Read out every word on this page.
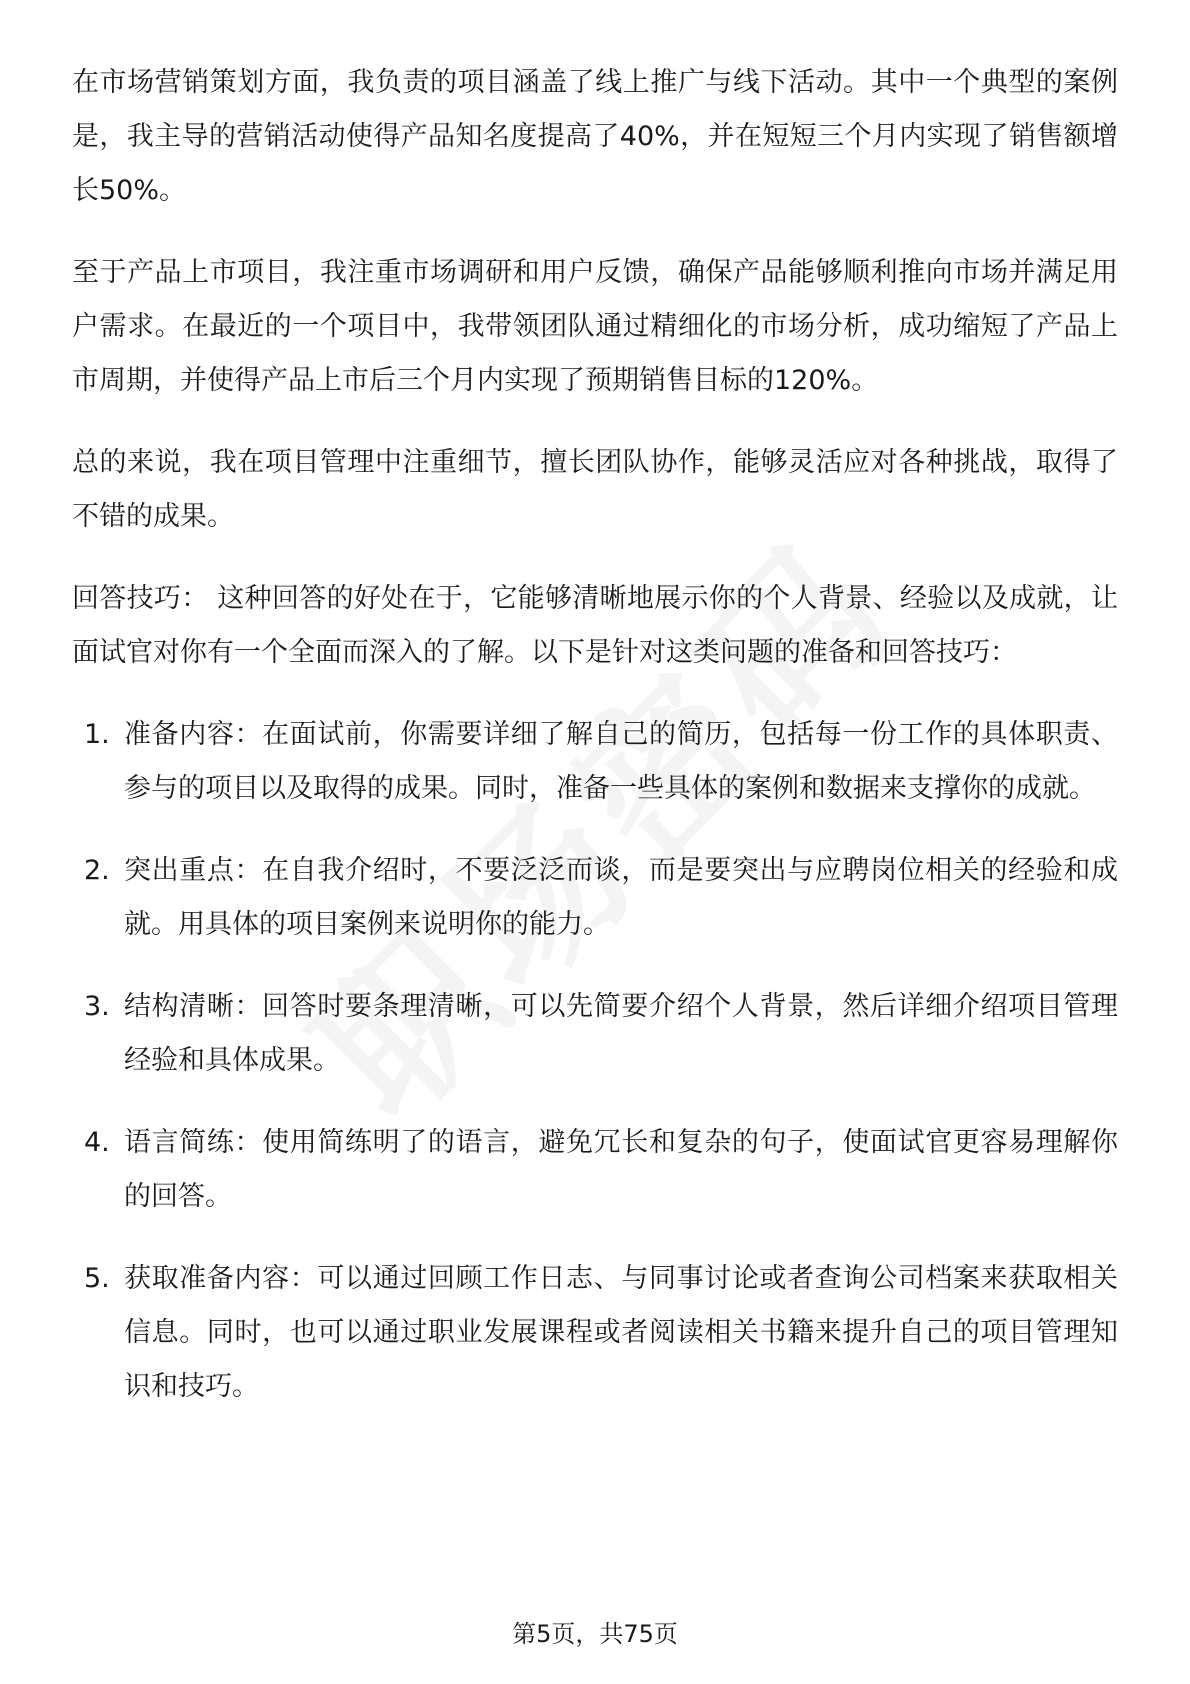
在市场营销策划方面，我负责的项目涵盖了线上推广与线下活动。其中一个典型的案例是，我主导的营销活动使得产品知名度提高了40%，并在短短三个月内实现了销售额增长50%。

至于产品上市项目，我注重市场调研和用户反馈，确保产品能够顺利推向市场并满足用户需求。在最近的一个项目中，我带领团队通过精细化的市场分析，成功缩短了产品上市周期，并使得产品上市后三个月内实现了预期销售目标的120%。

总的来说，我在项目管理中注重细节，擅长团队协作，能够灵活应对各种挑战，取得了不错的成果。

回答技巧： 这种回答的好处在于，它能够清晰地展示你的个人背景、经验以及成就，让面试官对你有一个全面而深入的了解。以下是针对这类问题的准备和回答技巧：

1. 准备内容：在面试前，你需要详细了解自己的简历，包括每一份工作的具体职责、参与的项目以及取得的成果。同时，准备一些具体的案例和数据来支撑你的成就。
2. 突出重点：在自我介绍时，不要泛泛而谈，而是要突出与应聘岗位相关的经验和成就。用具体的项目案例来说明你的能力。
3. 结构清晰：回答时要条理清晰，可以先简要介绍个人背景，然后详细介绍项目管理经验和具体成果。
4. 语言简练：使用简练明了的语言，避免冗长和复杂的句子，使面试官更容易理解你的回答。
5. 获取准备内容：可以通过回顾工作日志、与同事讨论或者查询公司档案来获取相关信息。同时，也可以通过职业发展课程或者阅读相关书籍来提升自己的项目管理知识和技巧。
第5页，共75页
